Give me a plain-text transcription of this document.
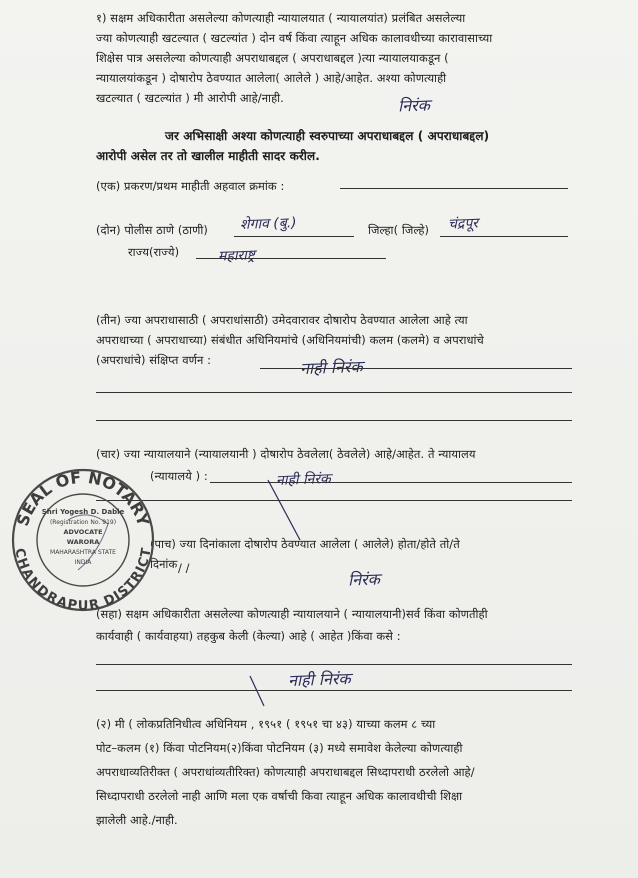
१) सक्षम अधिकारीता असलेल्या कोणत्याही न्यायालयात ( न्यायालयांत) प्रलंबित असलेल्या
ज्या कोणत्याही खटल्यात ( खटल्यांत ) दोन वर्ष किंवा त्याहून अधिक कालावधीच्या कारावासाच्या
शिक्षेस पात्र असलेल्या कोणत्याही अपराधाबद्दल ( अपराधाबद्दल )त्या न्यायालयाकडून (
न्यायालयांकडून ) दोषारोप ठेवण्यात आलेला( आलेले ) आहे/आहेत. अश्या कोणत्याही
खटल्यात ( खटल्यांत ) मी आरोपी आहे/नाही.	निरंक
जर अभिसाक्षी अश्या कोणत्याही स्वरुपाच्या अपराधाबद्दल ( अपराधाबद्दल)
आरोपी असेल तर तो खालील माहीती सादर करील.
(एक) प्रकरण/प्रथम माहीती अहवाल क्रमांक :
(दोन) पोलीस ठाणे (ठाणी) शेगाव (बु.)	जिल्हा( जिल्हे) चंद्रपूर
राज्य(राज्ये)	महाराष्ट्र
(तीन) ज्या अपराधासाठी ( अपराधांसाठी) उमेदवारावर दोषारोप ठेवण्यात आलेला आहे त्या
अपराधाच्या ( अपराधाच्या) संबंधीत अधिनियमांचे (अधिनियमांची) कलम (कलमे) व अपराधांचे
(अपराधांचे) संक्षिप्त वर्णन :	नाही निरंक
(चार) ज्या न्यायालयाने (न्यायालयानी ) दोषारोप ठेवलेला( ठेवलेले) आहे/आहेत. ते न्यायालय
(न्यायालये ) :	नाही निरंक
(पाच) ज्या दिनांकाला दोषारोप ठेवण्यात आलेला ( आलेले) होता/होते तो/ते
दिनांक / /
निरंक
(सहा) सक्षम अधिकारीता असलेल्या कोणत्याही न्यायालयाने ( न्यायालयानी)सर्व किंवा कोणतीही
कार्यवाही ( कार्यवाहया) तहकुब केली (केल्या) आहे ( आहेत )किंवा कसे :
नाही निरंक
(२) मी ( लोकप्रतिनिधीत्व अधिनियम , १९५१ ( १९५१ चा ४३) याच्या कलम ८ च्या
पोट–कलम (१) किंवा पोटनियम(२)किंवा पोटनियम (३) मध्ये समावेश केलेल्या कोणत्याही
अपराधाव्यतिरीक्त ( अपराधांव्यतीरिक्त) कोणत्याही अपराधाबद्दल सिध्दापराधी ठरलेलो आहे/
सिध्दापराधी ठरलेलो नाही आणि मला एक वर्षाची किवा त्याहून अधिक कालावधीची शिक्षा
झालेली आहे./नाही.
SEAL OF NOTARY
CHANDRAPUR DISTRICT
Shri Yogesh D. Dable
(Registration No. 919)
ADVOCATE
WARORA
MAHARASHTRA STATE
INDIA
